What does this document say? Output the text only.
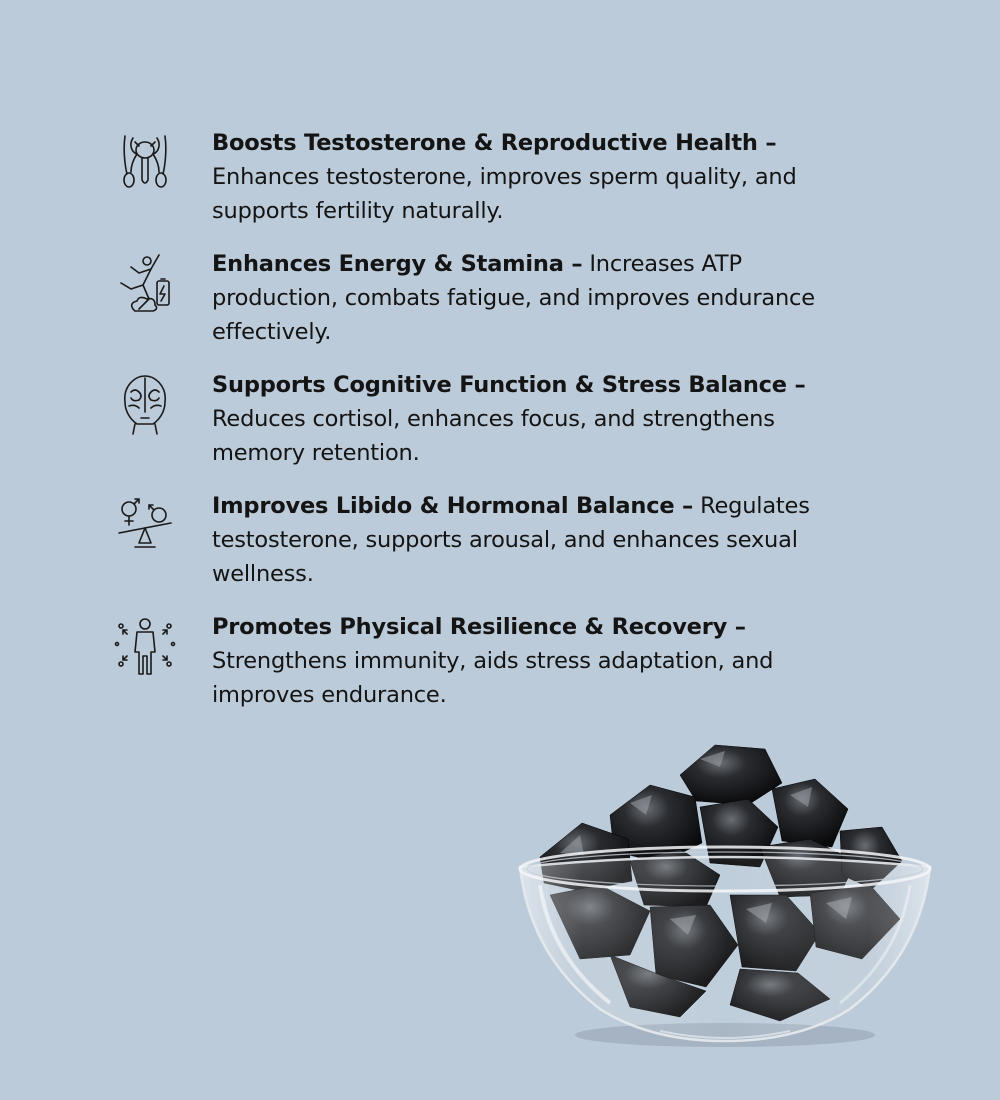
Boosts Testosterone & Reproductive Health – Enhances testosterone, improves sperm quality, and supports fertility naturally.
Enhances Energy & Stamina – Increases ATP production, combats fatigue, and improves endurance effectively.
Supports Cognitive Function & Stress Balance – Reduces cortisol, enhances focus, and strengthens memory retention.
Improves Libido & Hormonal Balance – Regulates testosterone, supports arousal, and enhances sexual wellness.
Promotes Physical Resilience & Recovery – Strengthens immunity, aids stress adaptation, and improves endurance.
